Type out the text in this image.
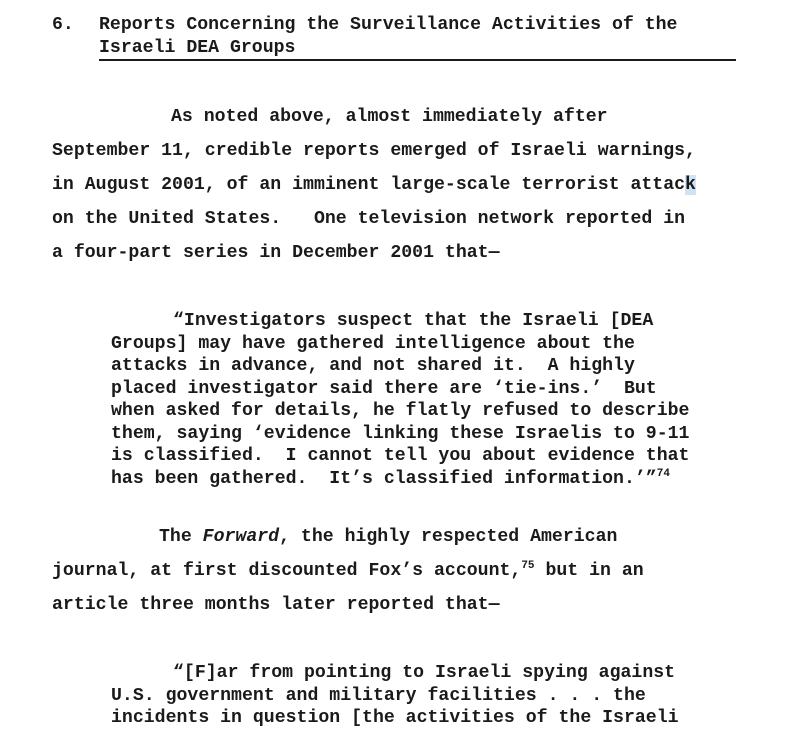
6. Reports Concerning the Surveillance Activities of the
Israeli DEA Groups
As noted above, almost immediately after
September 11, credible reports emerged of Israeli warnings,
in August 2001, of an imminent large-scale terrorist attack
on the United States.   One television network reported in
a four-part series in December 2001 that—
“Investigators suspect that the Israeli [DEA
Groups] may have gathered intelligence about the
attacks in advance, and not shared it.  A highly
placed investigator said there are ‘tie-ins.’  But
when asked for details, he flatly refused to describe
them, saying ‘evidence linking these Israelis to 9-11
is classified.  I cannot tell you about evidence that
has been gathered.  It’s classified information.’”$^{74}$
The Forward, the highly respected American
journal, at first discounted Fox’s account,$^{75}$ but in an
article three months later reported that—
“[F]ar from pointing to Israeli spying against
U.S. government and military facilities . . . the
incidents in question [the activities of the Israeli
